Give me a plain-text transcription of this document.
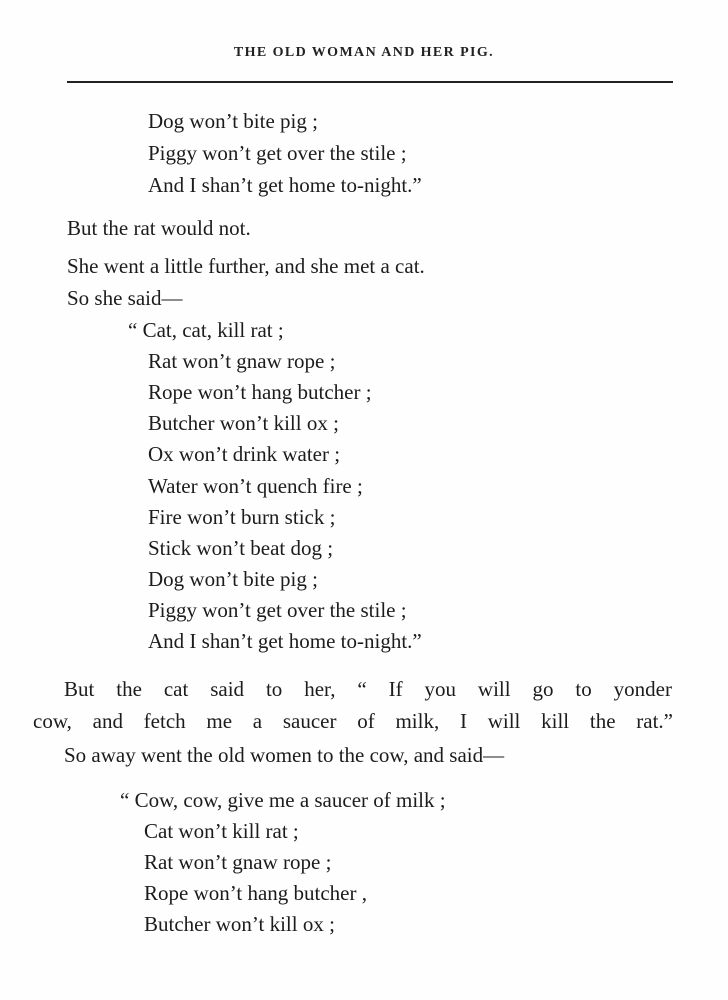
THE OLD WOMAN AND HER PIG.
Dog won’t bite pig ;
Piggy won’t get over the stile ;
And I shan’t get home to-night.”
But the rat would not.
She went a little further, and she met a cat.
So she said—
“ Cat, cat, kill rat ;
Rat won’t gnaw rope ;
Rope won’t hang butcher ;
Butcher won’t kill ox ;
Ox won’t drink water ;
Water won’t quench fire ;
Fire won’t burn stick ;
Stick won’t beat dog ;
Dog won’t bite pig ;
Piggy won’t get over the stile ;
And I shan’t get home to-night.”
But the cat said to her, “ If you will go to yonder
cow, and fetch me a saucer of milk, I will kill the rat.”
So away went the old women to the cow, and said—
“ Cow, cow, give me a saucer of milk ;
Cat won’t kill rat ;
Rat won’t gnaw rope ;
Rope won’t hang butcher ,
Butcher won’t kill ox ;
